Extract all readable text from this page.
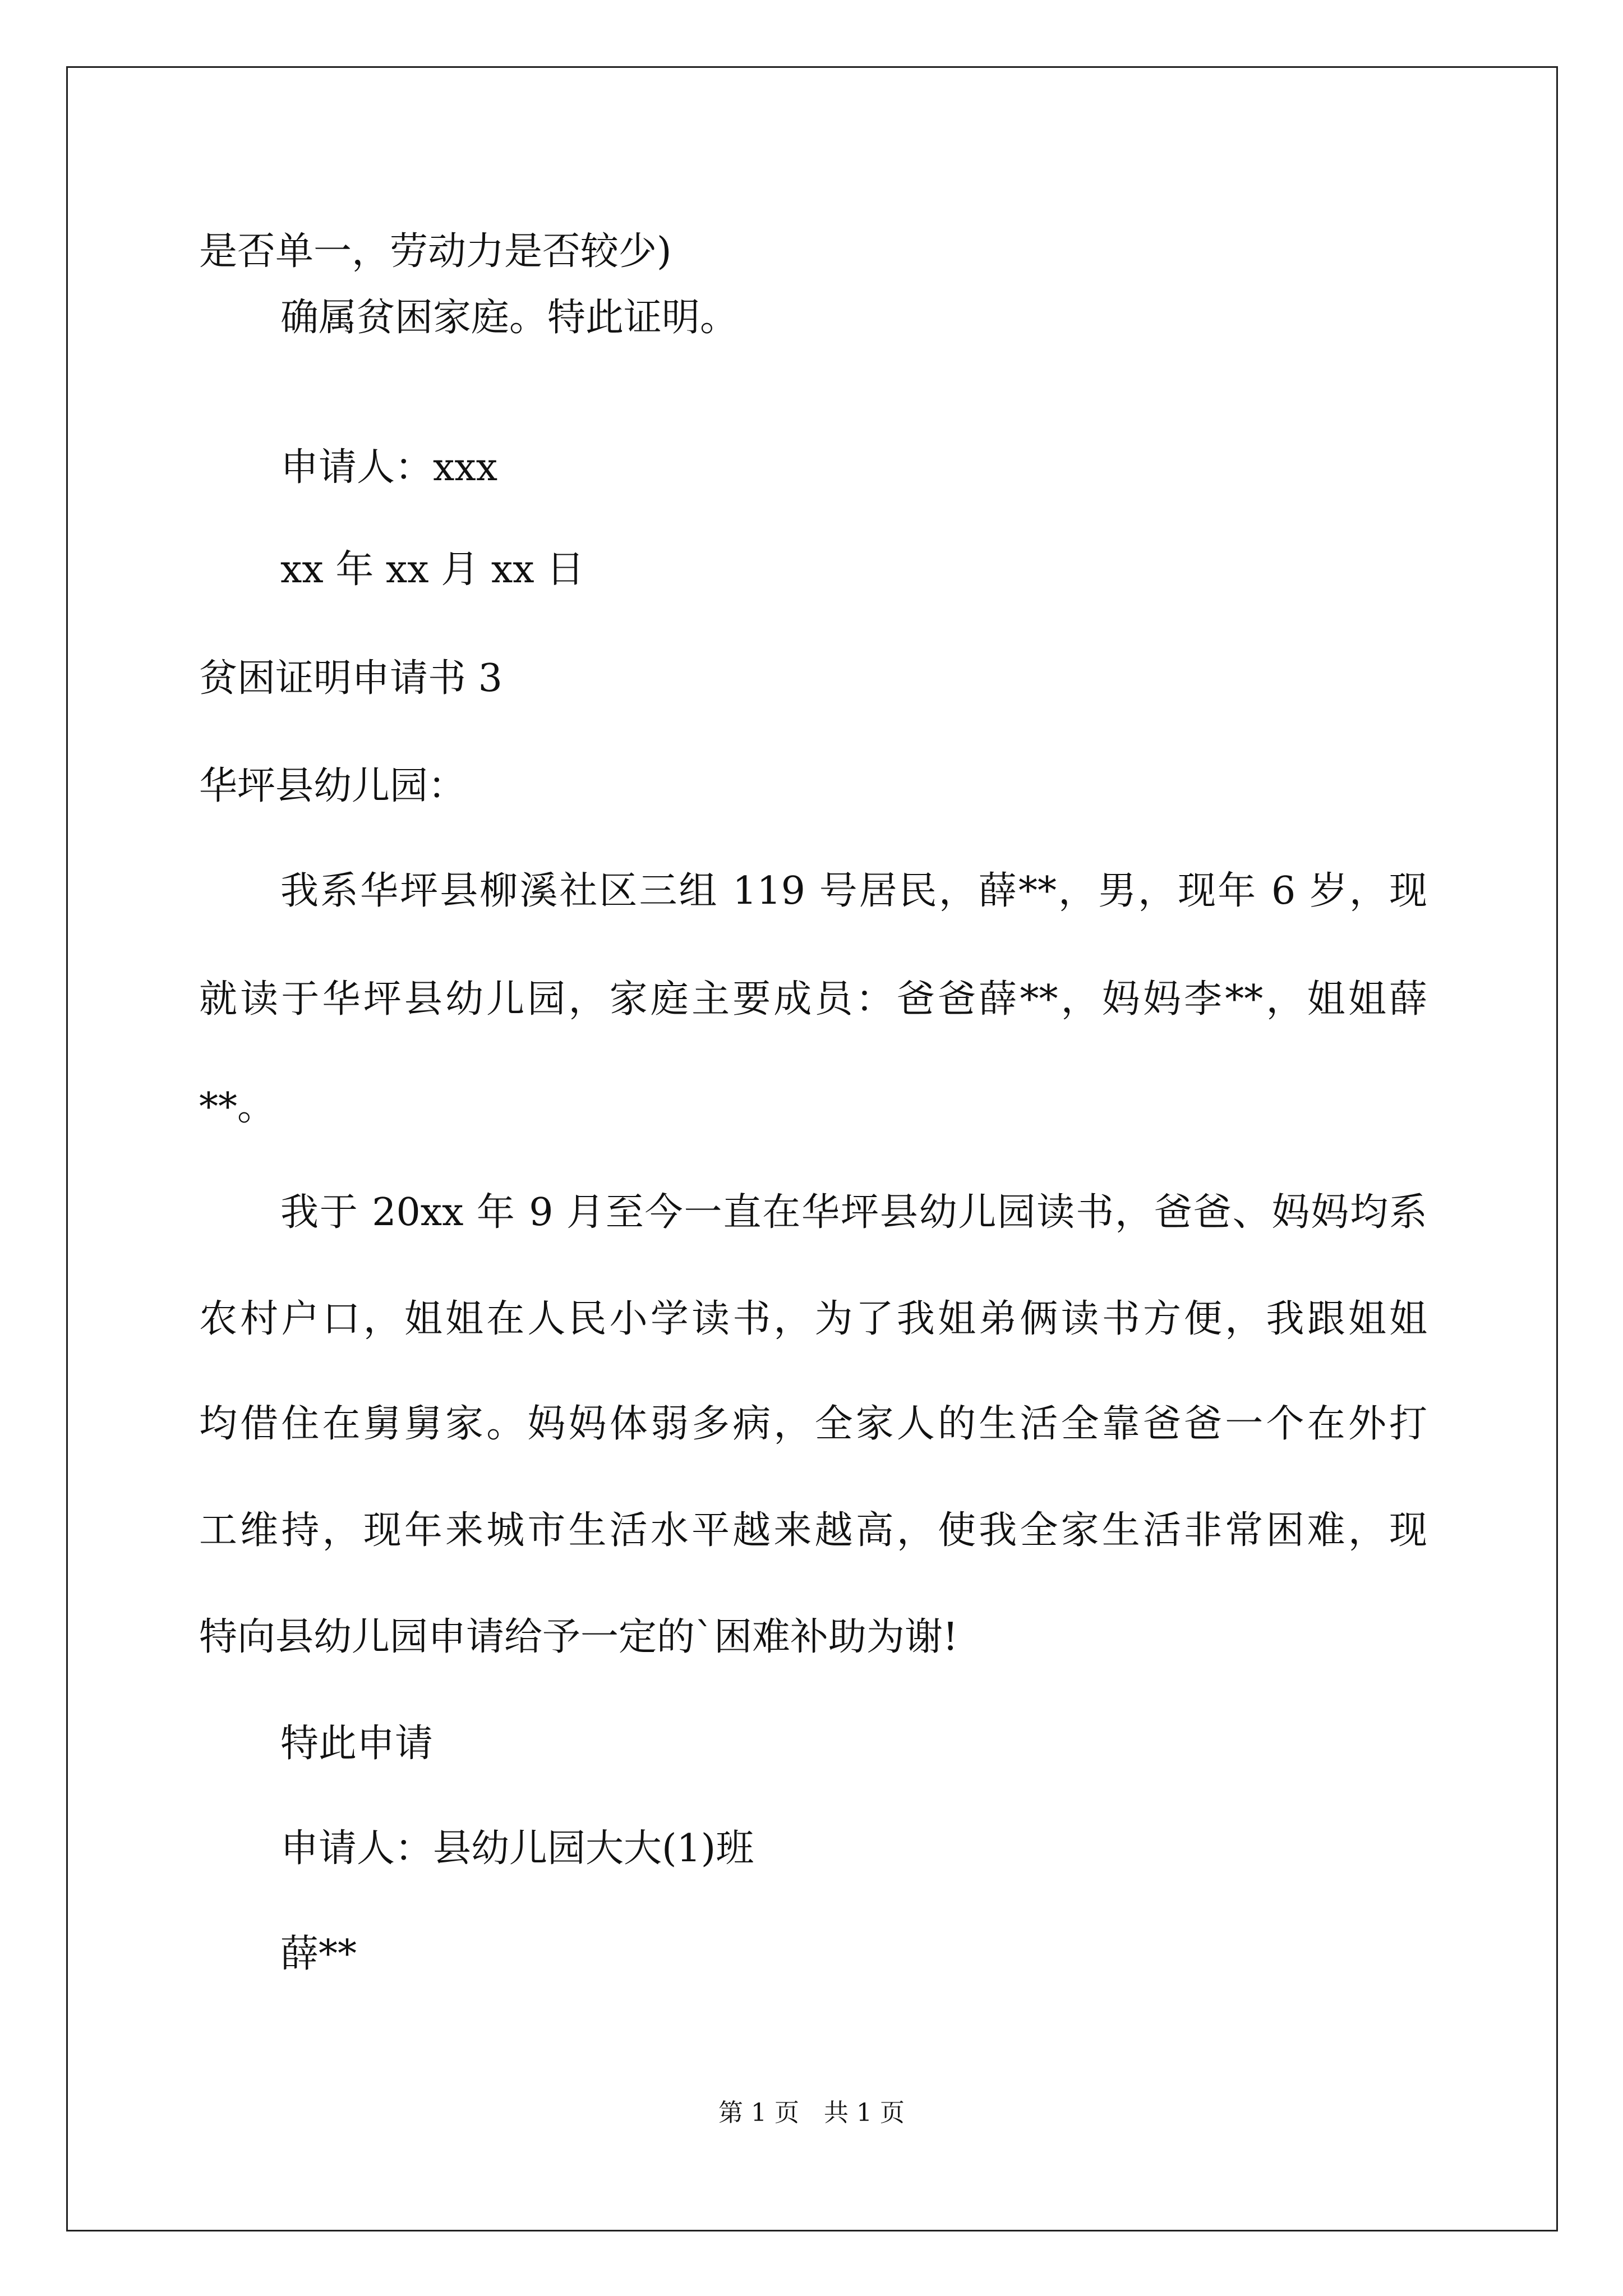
是否单一，劳动力是否较少)
确属贫困家庭。特此证明。
申请人：xxx
xx 年 xx 月 xx 日
贫困证明申请书 3
华坪县幼儿园：
我系华坪县柳溪社区三组 119 号居民，薛**，男，现年 6 岁，现
就读于华坪县幼儿园，家庭主要成员：爸爸薛**，妈妈李**，姐姐薛
**。
我于 20xx 年 9 月至今一直在华坪县幼儿园读书，爸爸、妈妈均系
农村户口，姐姐在人民小学读书，为了我姐弟俩读书方便，我跟姐姐
均借住在舅舅家。妈妈体弱多病，全家人的生活全靠爸爸一个在外打
工维持，现年来城市生活水平越来越高，使我全家生活非常困难，现
特向县幼儿园申请给予一定的`困难补助为谢!
特此申请
申请人：县幼儿园大大(1)班
薛**
第 1 页　共 1 页
